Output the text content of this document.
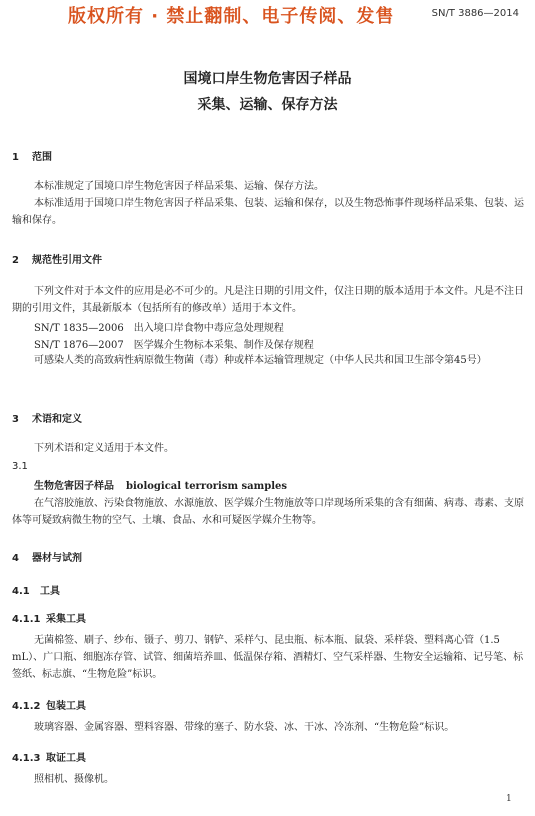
版权所有 · 禁止翻制、电子传阅、发售	SN/T 3886—2014
国境口岸生物危害因子样品
采集、运输、保存方法
1 范围
本标准规定了国境口岸生物危害因子样品采集、运输、保存方法。
本标准适用于国境口岸生物危害因子样品采集、包装、运输和保存，以及生物恐怖事件现场样品采集、包装、运输和保存。
2 规范性引用文件
下列文件对于本文件的应用是必不可少的。凡是注日期的引用文件，仅注日期的版本适用于本文件。凡是不注日期的引用文件，其最新版本（包括所有的修改单）适用于本文件。
SN/T 1835—2006　出入境口岸食物中毒应急处理规程
SN/T 1876—2007　医学媒介生物标本采集、制作及保存规程
可感染人类的高致病性病原微生物菌（毒）种或样本运输管理规定（中华人民共和国卫生部令第45号）
3 术语和定义
下列术语和定义适用于本文件。
3.1
生物危害因子样品 biological terrorism samples
在气溶胶施放、污染食物施放、水源施放、医学媒介生物施放等口岸现场所采集的含有细菌、病毒、毒素、支原体等可疑致病微生物的空气、土壤、食品、水和可疑医学媒介生物等。
4 器材与试剂
4.1 工具
4.1.1 采集工具
无菌棉签、刷子、纱布、镊子、剪刀、钢铲、采样勺、昆虫瓶、标本瓶、鼠袋、采样袋、塑料离心管（1.5 mL）、广口瓶、细胞冻存管、试管、细菌培养皿、低温保存箱、酒精灯、空气采样器、生物安全运输箱、记号笔、标签纸、标志旗、“生物危险”标识。
4.1.2 包装工具
玻璃容器、金属容器、塑料容器、带缘的塞子、防水袋、冰、干冰、冷冻剂、“生物危险”标识。
4.1.3 取证工具
照相机、摄像机。
1
